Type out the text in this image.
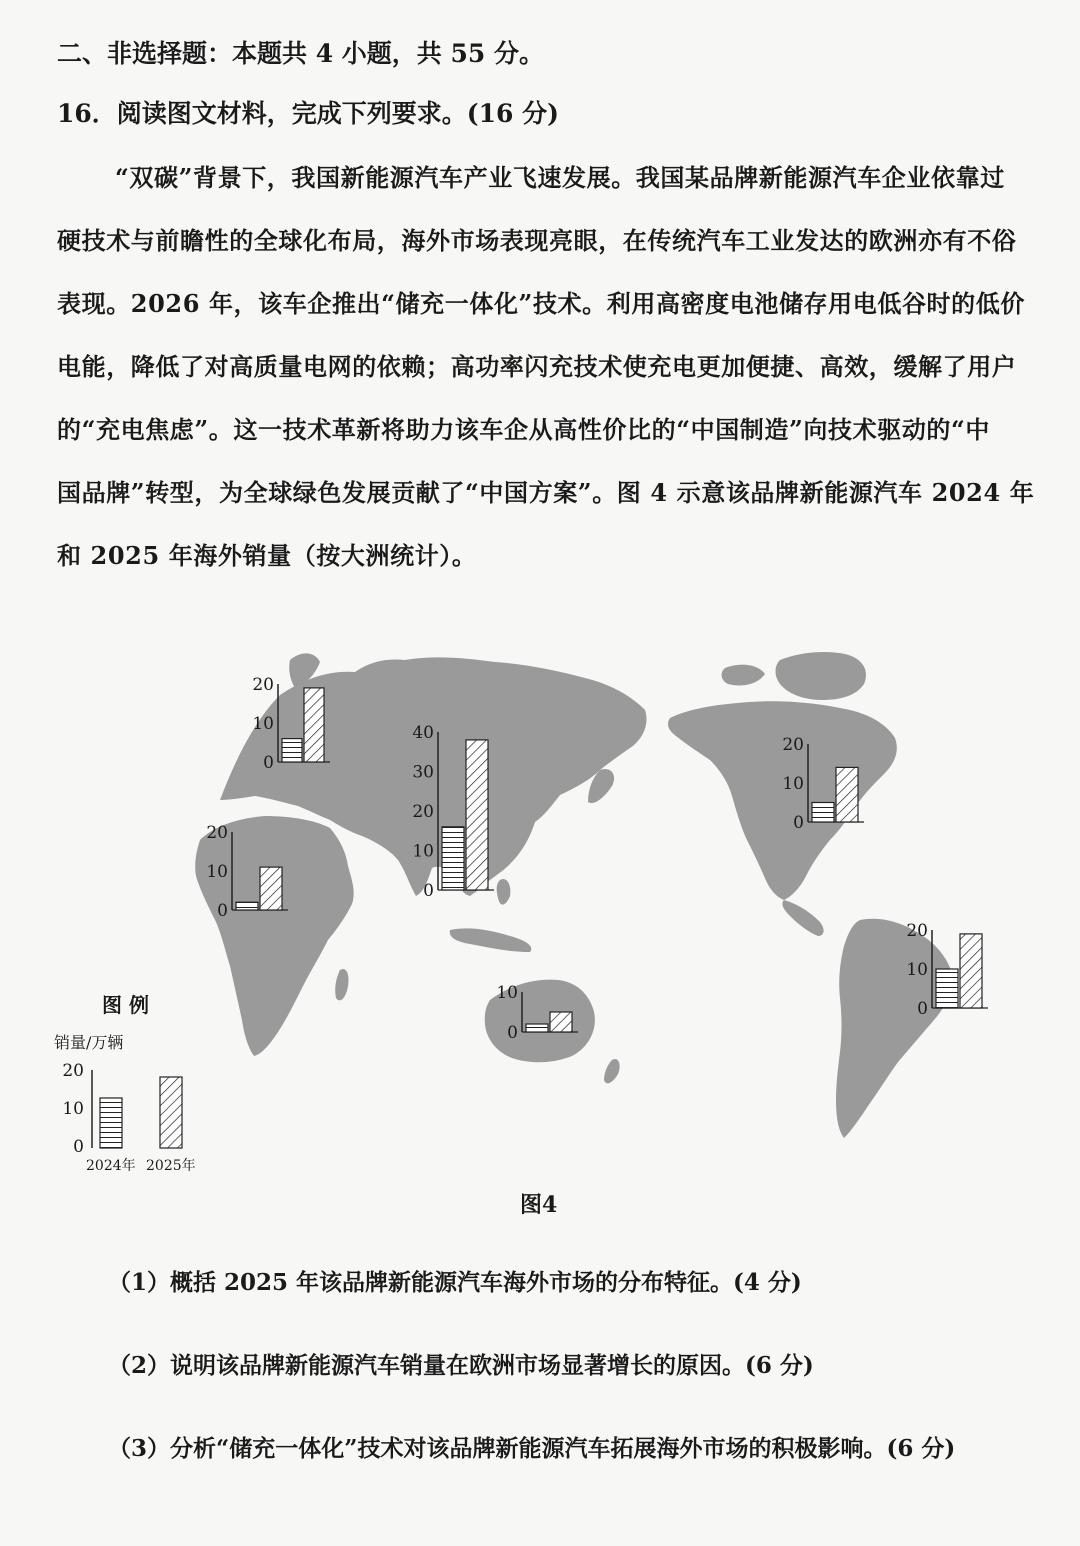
二、非选择题：本题共 4 小题，共 55 分。
16．阅读图文材料，完成下列要求。(16 分)
“双碳”背景下，我国新能源汽车产业飞速发展。我国某品牌新能源汽车企业依靠过
硬技术与前瞻性的全球化布局，海外市场表现亮眼，在传统汽车工业发达的欧洲亦有不俗
表现。2026 年，该车企推出“储充一体化”技术。利用高密度电池储存用电低谷时的低价
电能，降低了对高质量电网的依赖；高功率闪充技术使充电更加便捷、高效，缓解了用户
的“充电焦虑”。这一技术革新将助力该车企从高性价比的“中国制造”向技术驱动的“中
国品牌”转型，为全球绿色发展贡献了“中国方案”。图 4 示意该品牌新能源汽车 2024 年
和 2025 年海外销量（按大洲统计）。
20
10
0
40
30
20
10
0
20
10
0
20
10
0
20
10
0
10
0
图 例
销量/万辆
20
10
0
2024年 2025年
图4
（1）概括 2025 年该品牌新能源汽车海外市场的分布特征。(4 分)
（2）说明该品牌新能源汽车销量在欧洲市场显著增长的原因。(6 分)
（3）分析“储充一体化”技术对该品牌新能源汽车拓展海外市场的积极影响。(6 分)
